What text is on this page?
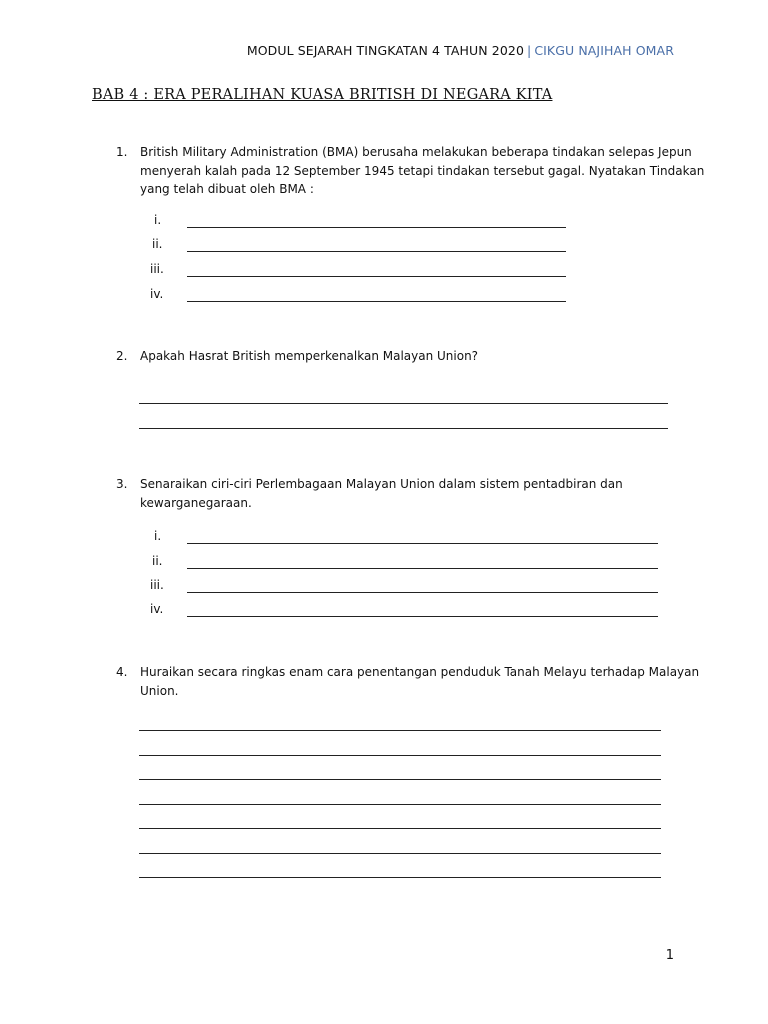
MODUL SEJARAH TINGKATAN 4 TAHUN 2020 | CIKGU NAJIHAH OMAR
BAB 4 : ERA PERALIHAN KUASA BRITISH DI NEGARA KITA
1. British Military Administration (BMA) berusaha melakukan beberapa tindakan selepas Jepun
menyerah kalah pada 12 September 1945 tetapi tindakan tersebut gagal. Nyatakan Tindakan
yang telah dibuat oleh BMA :
i.
ii.
iii.
iv.
2. Apakah Hasrat British memperkenalkan Malayan Union?
3. Senaraikan ciri-ciri Perlembagaan Malayan Union dalam sistem pentadbiran dan
kewarganegaraan.
i.
ii.
iii.
iv.
4. Huraikan secara ringkas enam cara penentangan penduduk Tanah Melayu terhadap Malayan
Union.
1
